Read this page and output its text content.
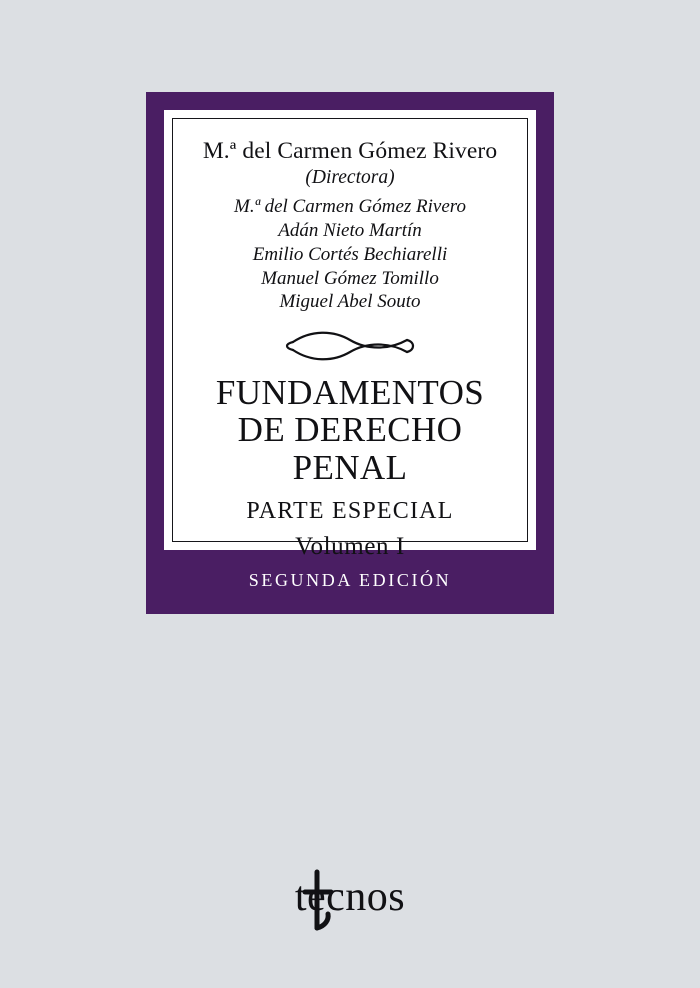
M.ª del Carmen Gómez Rivero
(Directora)
M.ª del Carmen Gómez Rivero
Adán Nieto Martín
Emilio Cortés Bechiarelli
Manuel Gómez Tomillo
Miguel Abel Souto
FUNDAMENTOS
DE DERECHO
PENAL
PARTE ESPECIAL
Volumen I
SEGUNDA EDICIÓN
tecnos
